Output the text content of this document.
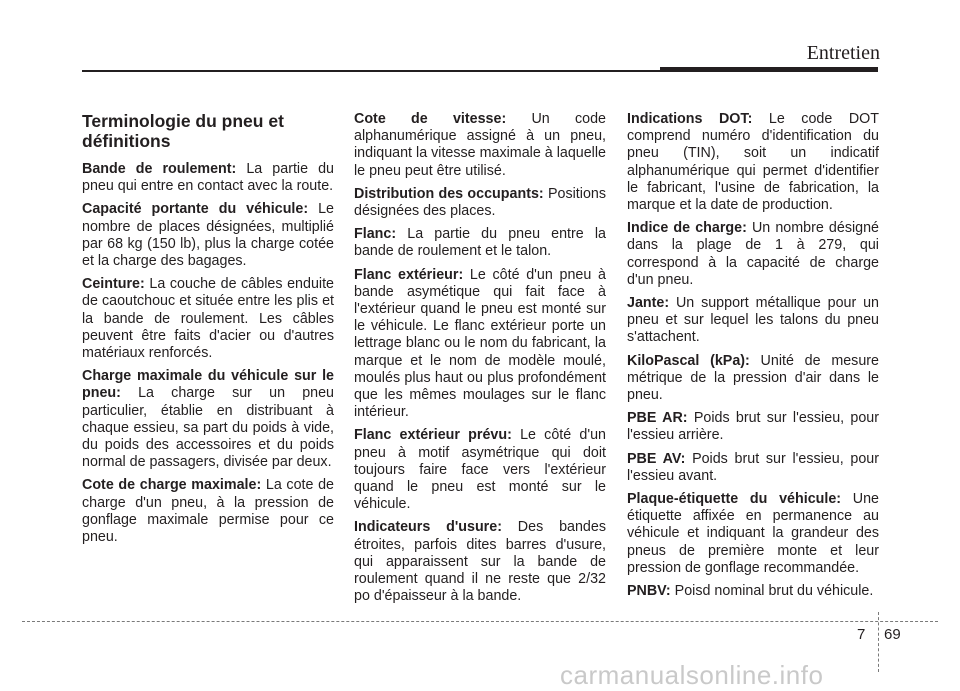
Entretien
Terminologie du pneu et définitions

Bande de roulement: La partie du pneu qui entre en contact avec la route.

Capacité portante du véhicule: Le nombre de places désignées, multiplié par 68 kg (150 lb), plus la charge cotée et la charge des bagages.

Ceinture: La couche de câbles enduite de caoutchouc et située entre les plis et la bande de roulement. Les câbles peuvent être faits d'acier ou d'autres matériaux renforcés.

Charge maximale du véhicule sur le pneu: La charge sur un pneu particulier, établie en distribuant à chaque essieu, sa part du poids à vide, du poids des accessoires et du poids normal de passagers, divisée par deux.

Cote de charge maximale: La cote de charge d'un pneu, à la pression de gonflage maximale permise pour ce pneu.

Cote de vitesse: Un code alphanumérique assigné à un pneu, indiquant la vitesse maximale à laquelle le pneu peut être utilisé.

Distribution des occupants: Positions désignées des places.

Flanc: La partie du pneu entre la bande de roulement et le talon.

Flanc extérieur: Le côté d'un pneu à bande asymétique qui fait face à l'extérieur quand le pneu est monté sur le véhicule. Le flanc extérieur porte un lettrage blanc ou le nom du fabricant, la marque et le nom de modèle moulé, moulés plus haut ou plus profondément que les mêmes moulages sur le flanc intérieur.

Flanc extérieur prévu: Le côté d'un pneu à motif asymétrique qui doit toujours faire face vers l'extérieur quand le pneu est monté sur le véhicule.

Indicateurs d'usure: Des bandes étroites, parfois dites barres d'usure, qui apparaissent sur la bande de roulement quand il ne reste que 2/32 po d'épaisseur à la bande.

Indications DOT: Le code DOT comprend numéro d'identification du pneu (TIN), soit un indicatif alphanumérique qui permet d'identifier le fabricant, l'usine de fabrication, la marque et la date de production.

Indice de charge: Un nombre désigné dans la plage de 1 à 279, qui correspond à la capacité de charge d'un pneu.

Jante: Un support métallique pour un pneu et sur lequel les talons du pneu s'attachent.

KiloPascal (kPa): Unité de mesure métrique de la pression d'air dans le pneu.

PBE AR: Poids brut sur l'essieu, pour l'essieu arrière.

PBE AV: Poids brut sur l'essieu, pour l'essieu avant.

Plaque-étiquette du véhicule: Une étiquette affixée en permanence au véhicule et indiquant la grandeur des pneus de première monte et leur pression de gonflage recommandée.

PNBV: Poisd nominal brut du véhicule.

7 69
carmanualsonline.info
